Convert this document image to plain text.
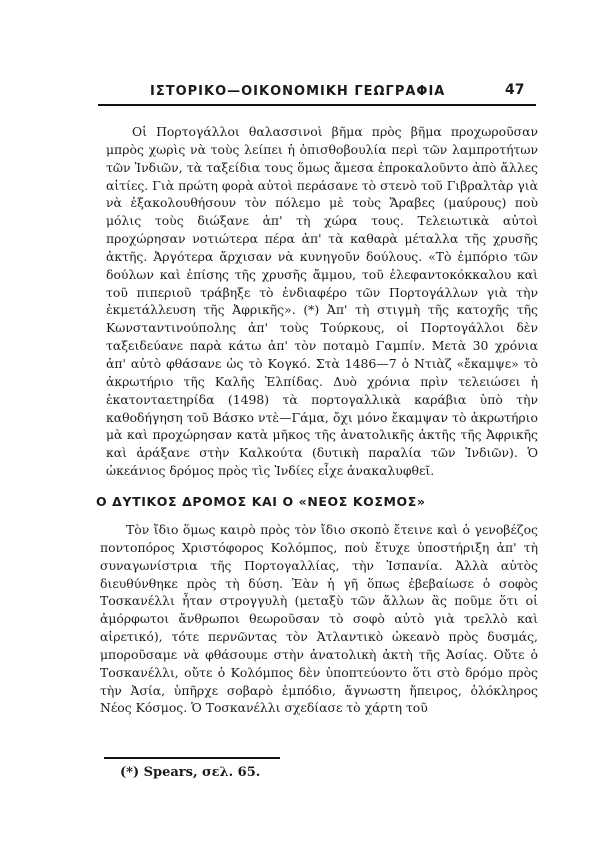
ΙΣΤΟΡΙΚΟ—ΟΙΚΟΝΟΜΙΚΗ ΓΕΩΓΡΑΦΙΑ	47

Οἱ Πορτογάλλοι θαλασσινοὶ βῆμα πρὸς βῆμα προχωροῦσαν μπρὸς χωρὶς νὰ τοὺς λείπει ἡ ὀπισθοβουλία περὶ τῶν λαμπροτήτων τῶν Ἰνδιῶν, τὰ ταξείδια τους ὅμως ἄμεσα ἐπροκαλοῦντο ἀπὸ ἄλλες αἰτίες. Γιὰ πρώτη φορὰ αὐτοὶ περάσανε τὸ στενὸ τοῦ Γιβραλτὰρ γιὰ νὰ ἐξακολουθήσουν τὸν πόλεμο μὲ τοὺς Ἄραβες (μαύρους) ποὺ μόλις τοὺς διώξανε ἀπ' τὴ χώρα τους. Τελειωτικὰ αὐτοὶ προχώρησαν νοτιώτερα πέρα ἀπ' τὰ καθαρὰ μέταλλα τῆς χρυσῆς ἀκτῆς. Ἀργότερα ἄρχισαν νὰ κυνηγοῦν δούλους. «Τὸ ἐμπόριο τῶν δούλων καὶ ἐπίσης τῆς χρυσῆς ἄμμου, τοῦ ἐλεφαντοκόκκαλου καὶ τοῦ πιπεριοῦ τράβηξε τὸ ἐνδιαφέρο τῶν Πορτογάλλων γιὰ τὴν ἐκμετάλλευση τῆς Ἀφρικῆς». (*) Ἀπ' τὴ στιγμὴ τῆς κατοχῆς τῆς Κωνσταντινούπολης ἀπ' τοὺς Τούρκους, οἱ Πορτογάλλοι δὲν ταξειδεύανε παρὰ κάτω ἀπ' τὸν ποταμὸ Γαμπίν. Μετὰ 30 χρόνια ἀπ' αὐτὸ φθάσανε ὡς τὸ Κογκό. Στὰ 1486—7 ὁ Ντιὰζ «ἔκαμψε» τὸ ἀκρωτήριο τῆς Καλῆς Ἐλπίδας. Δυὸ χρόνια πρὶν τελειώσει ἡ ἑκατονταετηρίδα (1498) τὰ πορτογαλλικὰ καράβια ὑπὸ τὴν καθοδήγηση τοῦ Βάσκο ντὲ—Γάμα, ὄχι μόνο ἔκαμψαν τὸ ἀκρωτήριο μὰ καὶ προχώρησαν κατὰ μῆκος τῆς ἀνατολικῆς ἀκτῆς τῆς Ἀφρικῆς καὶ ἀράξανε στὴν Καλκούτα (δυτικὴ παραλία τῶν Ἰνδιῶν). Ὁ ὠκεάνιος δρόμος πρὸς τὶς Ἰνδίες εἶχε ἀνακαλυφθεῖ.

Ο ΔΥΤΙΚΟΣ ΔΡΟΜΟΣ ΚΑΙ Ο «ΝΕΟΣ ΚΟΣΜΟΣ»

Τὸν ἴδιο ὅμως καιρὸ πρὸς τὸν ἴδιο σκοπὸ ἔτεινε καὶ ὁ γενοβέζος ποντοπόρος Χριστόφορος Κολόμπος, ποὺ ἔτυχε ὑποστήριξη ἀπ' τὴ συναγωνίστρια τῆς Πορτογαλλίας, τὴν Ἱσπανία. Ἀλλὰ αὐτὸς διευθύνθηκε πρὸς τὴ δύση. Ἐὰν ἡ γῆ ὅπως ἐβεβαίωσε ὁ σοφὸς Τοσκανέλλι ἦταν στρογγυλὴ (μεταξὺ τῶν ἄλλων ἂς ποῦμε ὅτι οἱ ἀμόρφωτοι ἄνθρωποι θεωροῦσαν τὸ σοφὸ αὐτὸ γιὰ τρελλὸ καὶ αἱρετικό), τότε περνῶντας τὸν Ἀτλαντικὸ ὠκεανὸ πρὸς δυσμάς, μποροῦσαμε νὰ φθάσουμε στὴν ἀνατολικὴ ἀκτὴ τῆς Ἀσίας. Οὔτε ὁ Τοσκανέλλι, οὔτε ὁ Κολόμπος δὲν ὑποπτεύοντο ὅτι στὸ δρόμο πρὸς τὴν Ἀσία, ὑπῆρχε σοβαρὸ ἐμπόδιο, ἄγνωστη ἤπειρος, ὁλόκληρος Νέος Κόσμος. Ὁ Τοσκανέλλι σχεδίασε τὸ χάρτη τοῦ

(*) Spears, σελ. 65.
